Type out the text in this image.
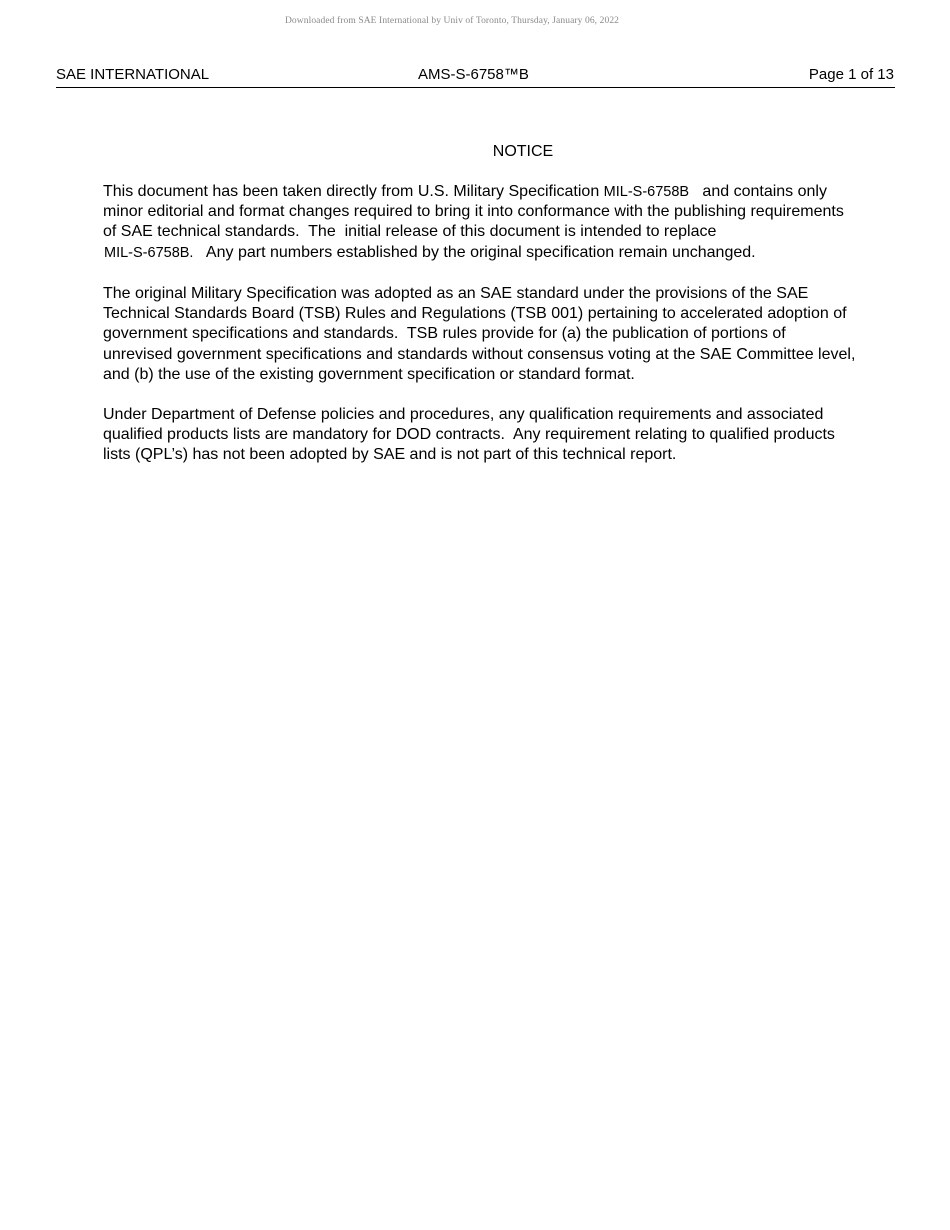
Downloaded from SAE International by Univ of Toronto, Thursday, January 06, 2022
SAE INTERNATIONAL	AMS-S-6758™B	Page 1 of 13
NOTICE

This document has been taken directly from U.S. Military Specification MIL-S-6758B   and contains only
minor editorial and format changes required to bring it into conformance with the publishing requirements
of SAE technical standards.  The  initial release of this document is intended to replace
MIL-S-6758B.   Any part numbers established by the original specification remain unchanged.

The original Military Specification was adopted as an SAE standard under the provisions of the SAE
Technical Standards Board (TSB) Rules and Regulations (TSB 001) pertaining to accelerated adoption of
government specifications and standards.  TSB rules provide for (a) the publication of portions of
unrevised government specifications and standards without consensus voting at the SAE Committee level,
and (b) the use of the existing government specification or standard format.

Under Department of Defense policies and procedures, any qualification requirements and associated
qualified products lists are mandatory for DOD contracts.  Any requirement relating to qualified products
lists (QPL’s) has not been adopted by SAE and is not part of this technical report.
